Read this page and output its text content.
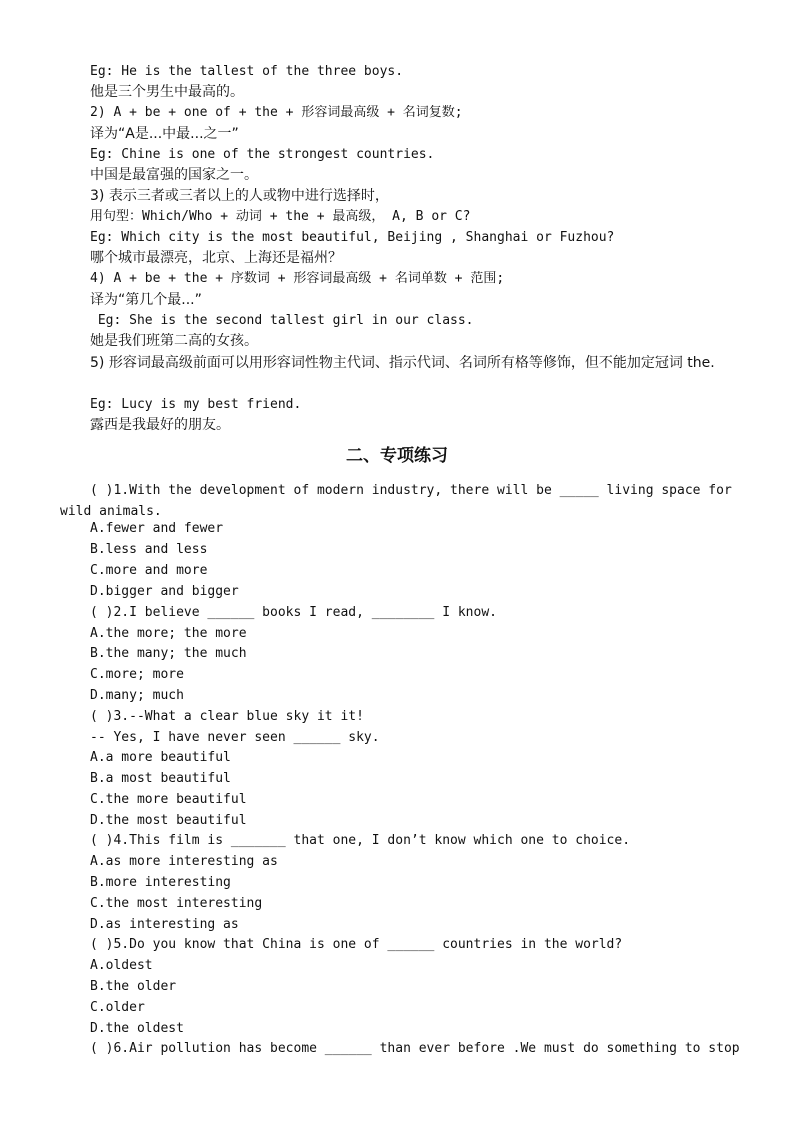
Eg: He is the tallest of the three boys.
他是三个男生中最高的。
2) A + be + one of + the + 形容词最高级 + 名词复数;
译为“A是...中最...之一”
Eg: Chine is one of the strongest countries.
中国是最富强的国家之一。
3) 表示三者或三者以上的人或物中进行选择时，
用句型：Which/Who + 动词 + the + 最高级， A, B or C?
Eg: Which city is the most beautiful, Beijing , Shanghai or Fuzhou?
哪个城市最漂亮，北京、上海还是福州？
4) A + be + the + 序数词 + 形容词最高级 + 名词单数 + 范围;
译为“第几个最...”
Eg: She is the second tallest girl in our class.
她是我们班第二高的女孩。
5) 形容词最高级前面可以用形容词性物主代词、指示代词、名词所有格等修饰，但不能加定冠词 the.
Eg: Lucy is my best friend.
露西是我最好的朋友。
二、专项练习
( )1.With the development of modern industry, there will be _____ living space for wild animals.
A.fewer and fewer
B.less and less
C.more and more
D.bigger and bigger
( )2.I believe ______ books I read, ________ I know.
A.the more; the more
B.the many; the much
C.more; more
D.many; much
( )3.--What a clear blue sky it it!
-- Yes, I have never seen ______ sky.
A.a more beautiful
B.a most beautiful
C.the more beautiful
D.the most beautiful
( )4.This film is _______ that one, I don’t know which one to choice.
A.as more interesting as
B.more interesting
C.the most interesting
D.as interesting as
( )5.Do you know that China is one of ______ countries in the world?
A.oldest
B.the older
C.older
D.the oldest
( )6.Air pollution has become ______ than ever before .We must do something to stop
